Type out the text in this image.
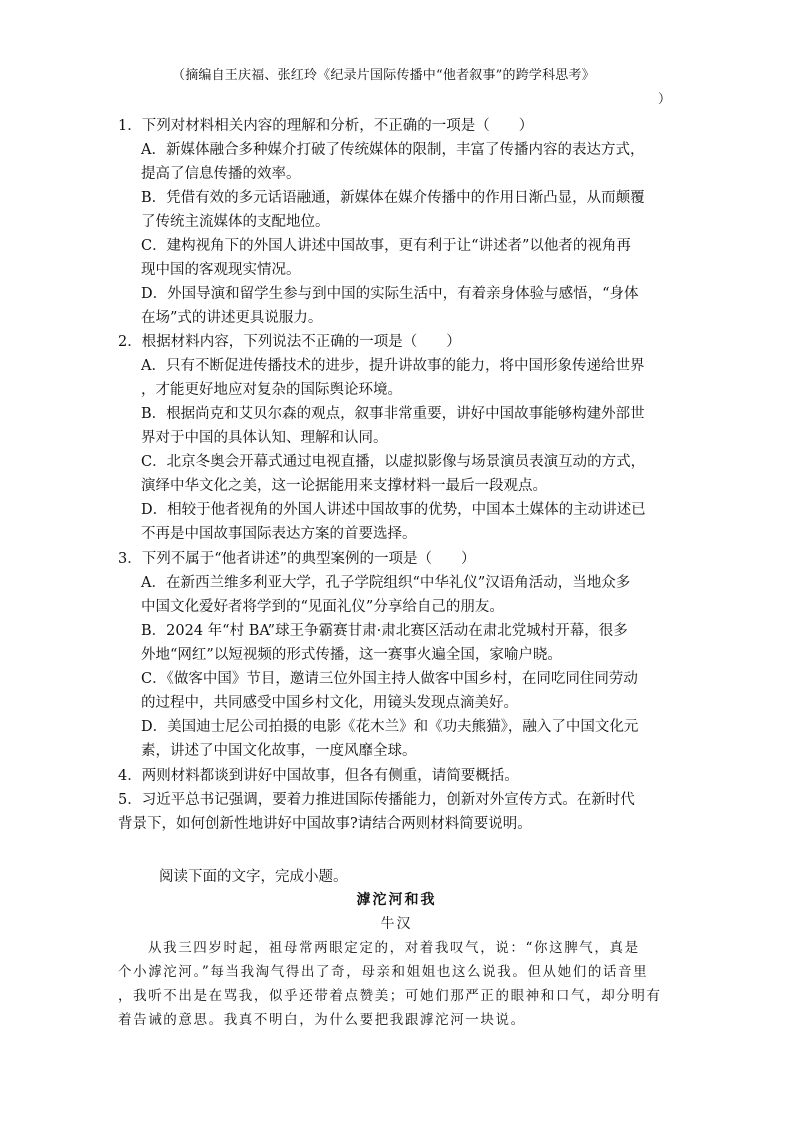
（摘编自王庆福、张红玲《纪录片国际传播中“他者叙事”的跨学科思考》
）
1．下列对材料相关内容的理解和分析，不正确的一项是（　　）
A．新媒体融合多种媒介打破了传统媒体的限制，丰富了传播内容的表达方式，
提高了信息传播的效率。
B．凭借有效的多元话语融通，新媒体在媒介传播中的作用日渐凸显，从而颠覆
了传统主流媒体的支配地位。
C．建构视角下的外国人讲述中国故事，更有利于让“讲述者”以他者的视角再
现中国的客观现实情况。
D．外国导演和留学生参与到中国的实际生活中，有着亲身体验与感悟，“身体
在场”式的讲述更具说服力。
2．根据材料内容，下列说法不正确的一项是（　　）
A．只有不断促进传播技术的进步，提升讲故事的能力，将中国形象传递给世界
，才能更好地应对复杂的国际舆论环境。
B．根据尚克和艾贝尔森的观点，叙事非常重要，讲好中国故事能够构建外部世
界对于中国的具体认知、理解和认同。
C．北京冬奥会开幕式通过电视直播，以虚拟影像与场景演员表演互动的方式，
演绎中华文化之美，这一论据能用来支撑材料一最后一段观点。
D．相较于他者视角的外国人讲述中国故事的优势，中国本土媒体的主动讲述已
不再是中国故事国际表达方案的首要选择。
3．下列不属于“他者讲述”的典型案例的一项是（　　）
A．在新西兰维多利亚大学，孔子学院组织“中华礼仪”汉语角活动，当地众多
中国文化爱好者将学到的“见面礼仪”分享给自己的朋友。
B．2024 年“村 BA”球王争霸赛甘肃·肃北赛区活动在肃北党城村开幕，很多
外地“网红”以短视频的形式传播，这一赛事火遍全国，家喻户晓。
C．《做客中国》节目，邀请三位外国主持人做客中国乡村，在同吃同住同劳动
的过程中，共同感受中国乡村文化，用镜头发现点滴美好。
D．美国迪士尼公司拍摄的电影《花木兰》和《功夫熊猫》，融入了中国文化元
素，讲述了中国文化故事，一度风靡全球。
4．两则材料都谈到讲好中国故事，但各有侧重，请简要概括。
5．习近平总书记强调，要着力推进国际传播能力，创新对外宣传方式。在新时代
背景下，如何创新性地讲好中国故事?请结合两则材料简要说明。
阅读下面的文字，完成小题。
滹沱河和我
牛汉
从我三四岁时起，祖母常两眼定定的，对着我叹气，说：“你这脾气，真是
个小滹沱河。”每当我淘气得出了奇，母亲和姐姐也这么说我。但从她们的话音里
，我听不出是在骂我，似乎还带着点赞美；可她们那严正的眼神和口气，却分明有
着告诫的意思。我真不明白，为什么要把我跟滹沱河一块说。
